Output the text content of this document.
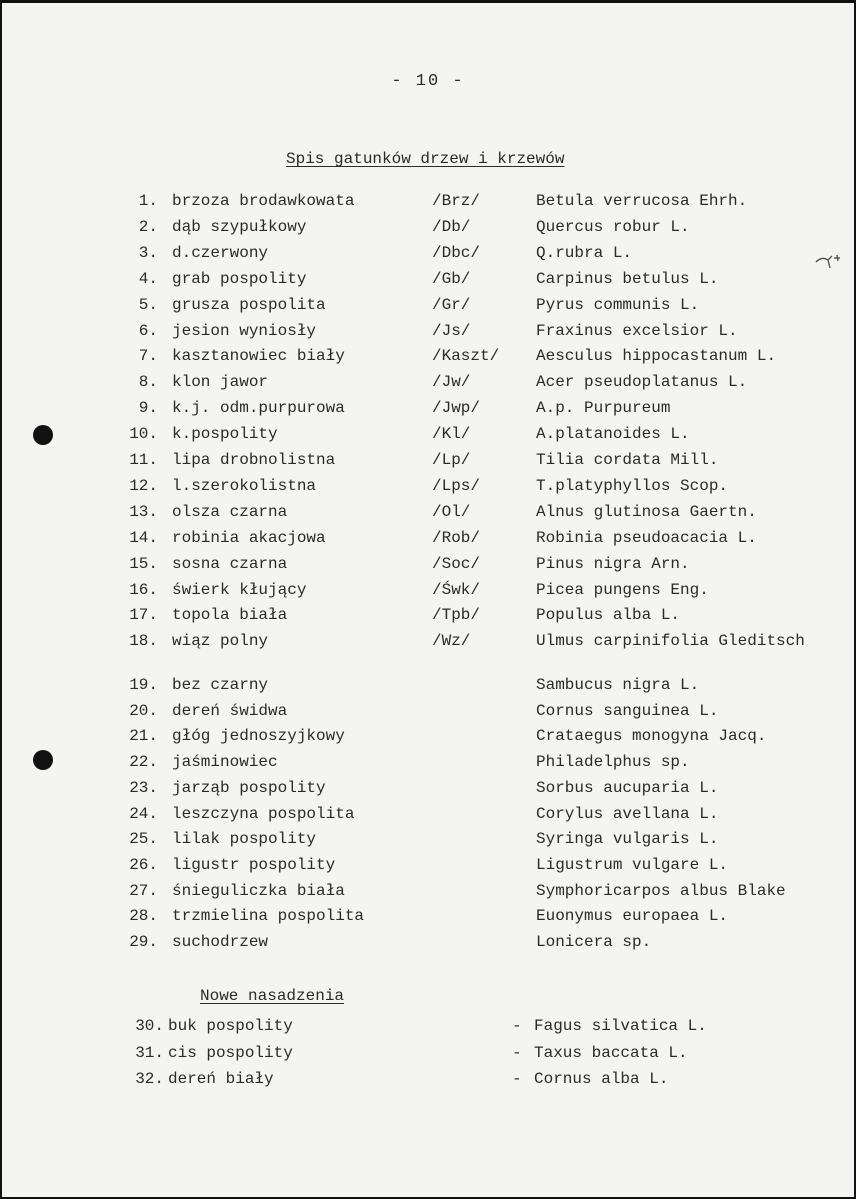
- 10 -
Spis gatunków drzew i krzewów
1. brzoza brodawkowata	/Brz/	Betula verrucosa Ehrh.
2. dąb szypułkowy	/Db/	Quercus robur L.
3. d.czerwony	/Dbc/	Q.rubra L.
4. grab pospolity	/Gb/	Carpinus betulus L.
5. grusza pospolita	/Gr/	Pyrus communis L.
6. jesion wyniosły	/Js/	Fraxinus excelsior L.
7. kasztanowiec biały	/Kaszt/ Aesculus hippocastanum L.
8. klon jawor	/Jw/	Acer pseudoplatanus L.
9. k.j. odm.purpurowa	/Jwp/	A.p. Purpureum
10. k.pospolity	/Kl/	A.platanoides L.
11. lipa drobnolistna	/Lp/	Tilia cordata Mill.
12. l.szerokolistna	/Lps/	T.platyphyllos Scop.
13. olsza czarna	/Ol/	Alnus glutinosa Gaertn.
14. robinia akacjowa	/Rob/	Robinia pseudoacacia L.
15. sosna czarna	/Soc/	Pinus nigra Arn.
16. świerk kłujący	/Śwk/	Picea pungens Eng.
17. topola biała	/Tpb/	Populus alba L.
18. wiąz polny	/Wz/	Ulmus carpinifolia Gleditsch
19. bez czarny	Sambucus nigra L.
20. dereń świdwa	Cornus sanguinea L.
21. głóg jednoszyjkowy	Crataegus monogyna Jacq.
22. jaśminowiec	Philadelphus sp.
23. jarząb pospolity	Sorbus aucuparia L.
24. leszczyna pospolita	Corylus avellana L.
25. lilak pospolity	Syringa vulgaris L.
26. ligustr pospolity	Ligustrum vulgare L.
27. śnieguliczka biała	Symphoricarpos albus Blake
28. trzmielina pospolita	Euonymus europaea L.
29. suchodrzew	Lonicera sp.
Nowe nasadzenia
30. buk pospolity	- Fagus silvatica L.
31. cis pospolity	- Taxus baccata L.
32. dereń biały	- Cornus alba L.
